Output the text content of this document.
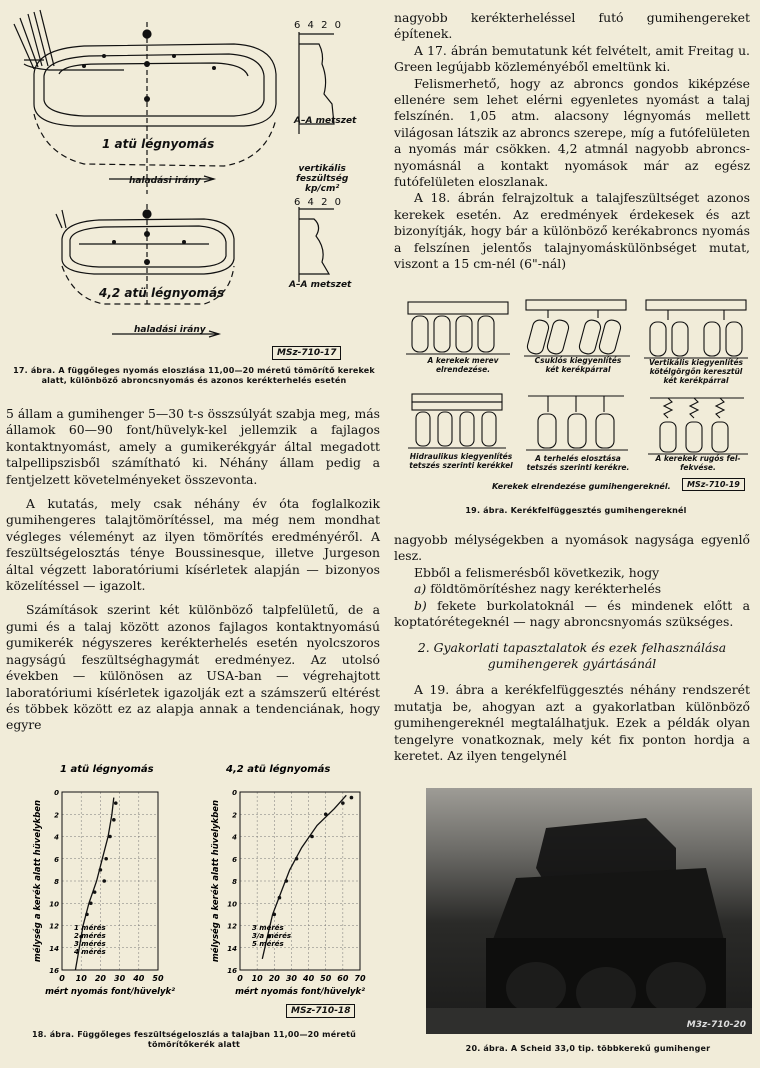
6 4 2 0
A–A metszet
1 atü légnyomás
vertikális
feszültség
kp/cm²
haladási irány
6 4 2 0
A–A metszet
4,2 atü légnyomás
haladási irány
MSz-710-17
17. ábra. A függőleges nyomás eloszlása 11,00—20 méretű tömörítő kerekek alatt, különböző abroncsnyomás és azonos kerékterhelés esetén

5 állam a gumihenger 5—30 t-s összsúlyát szabja meg, más államok 60—90 font/hüvelyk-kel jellemzik a fajlagos kontaktnyomást, amely a gumikerékgyár által megadott talpellipszisből számítható ki. Néhány állam pedig a fentjelzett követelményeket összevonta.

A kutatás, mely csak néhány év óta foglalkozik gumihengeres talajtömörítéssel, ma még nem mondhat végleges véleményt az ilyen tömörítés eredményéről. A feszültségelosztás ténye Boussinesque, illetve Jurgeson által végzett laboratóriumi kísérletek alapján — bizonyos közelítéssel — igazolt.

Számítások szerint két különböző talpfelületű, de a gumi és a talaj között azonos fajlagos kontaktnyomású gumikerék négyszeres kerékterhelés esetén nyolcszoros nagyságú feszültséghagymát eredményez. Az utolsó években — különösen az USA-ban — végrehajtott laboratóriumi kísérletek igazolják ezt a számszerű eltérést és többek között ez az alapja annak a tendenciának, hogy egyre

1 atü légnyomás
0 10 20 30 40 50
0
2
4
6
8
10
12
14
16
mért nyomás font/hüvelyk²
mélység a kerék alatt hüvelykben	1 mérés
2 mérés
3 mérés
4 mérés
4,2 atü légnyomás
0 10 20 30 40 50 60 70
0
2
4
6
8
10
12
14
16
mért nyomás font/hüvelyk²
mélység a kerék alatt hüvelykben	3 mérés
3/a mérés
5 mérés
MSz-710-18
18. ábra. Függőleges feszültségeloszlás a talajban 11,00—20 méretű tömörítőkerék alatt

nagyobb kerékterheléssel futó gumihengereket építenek.

A 17. ábrán bemutatunk két felvételt, amit Freitag u. Green legújabb közleményéből emeltünk ki.

Felismerhető, hogy az abroncs gondos kiképzése ellenére sem lehet elérni egyenletes nyomást a talaj felszínén. 1,05 atm. alacsony légnyomás mellett világosan látszik az abroncs szerepe, míg a futófelületen a nyomás már csökken. 4,2 atmnál nagyobb abroncs-nyomásnál a kontakt nyomások már az egész futófelületen eloszlanak.

A 18. ábrán felrajzoltuk a talajfeszültséget azonos kerekek esetén. Az eredmények érdekesek és azt bizonyítják, hogy bár a különböző kerékabroncs nyomás a felszínen jelentős talajnyomáskülönbséget mutat, viszont a 15 cm-nél (6"-nál)

A kerekek merev elrendezése.
Csuklós kiegyenlítés
két kerékpárral
Vertikális kiegyenlítés
kötélgörgőn keresztül
két kerékpárral
Hidraulikus kiegyenlítés
tetszés szerinti kerékkel
A terhelés elosztása
tetszés szerinti kerékre.
A kerekek rugós fel-
fekvése.
Kerekek elrendezése gumihengereknél.	MSz-710-19
19. ábra. Kerékfelfüggesztés gumihengereknél

nagyobb mélységekben a nyomások nagysága egyenlő lesz.

Ebből a felismerésből következik, hogy

a) földtömörítéshez nagy kerékterhelés

b) fekete burkolatoknál — és mindenek előtt a koptatórétegeknél — nagy abroncsnyomás szükséges.

2. Gyakorlati tapasztalatok és ezek felhasználása gumihengerek gyártásánál

A 19. ábra a kerékfelfüggesztés néhány rendszerét mutatja be, ahogyan azt a gyakorlatban különböző gumihengereknél megtalálhatjuk. Ezek a példák olyan tengelyre vonatkoznak, mely két fix ponton hordja a keretet. Az ilyen tengelynél

M3z-710-20
20. ábra. A Scheid 33,0 tip. többkerekű gumihenger
